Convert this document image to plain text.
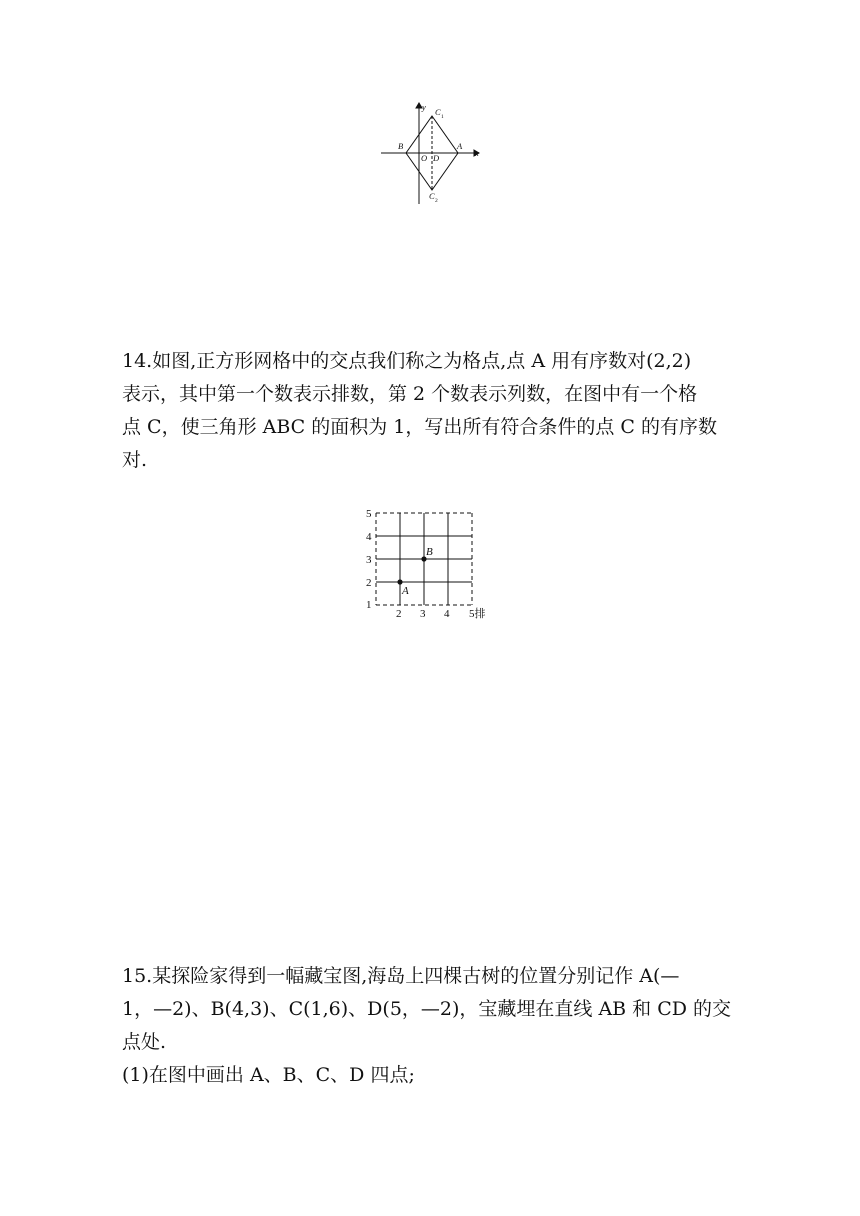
y C 1
B	A
x
O D
C 2

14.如图,正方形网格中的交点我们称之为格点,点 A 用有序数对(2,2)
表示，其中第一个数表示排数，第 2 个数表示列数，在图中有一个格
点 C，使三角形 ABC 的面积为 1，写出所有符合条件的点 C 的有序数
对.

A
B
5
4
3
2
1
2 3 4 5排

15.某探险家得到一幅藏宝图,海岛上四棵古树的位置分别记作 A(—
1，—2)、B(4,3)、C(1,6)、D(5，—2)，宝藏埋在直线 AB 和 CD 的交
点处.
(1)在图中画出 A、B、C、D 四点;
